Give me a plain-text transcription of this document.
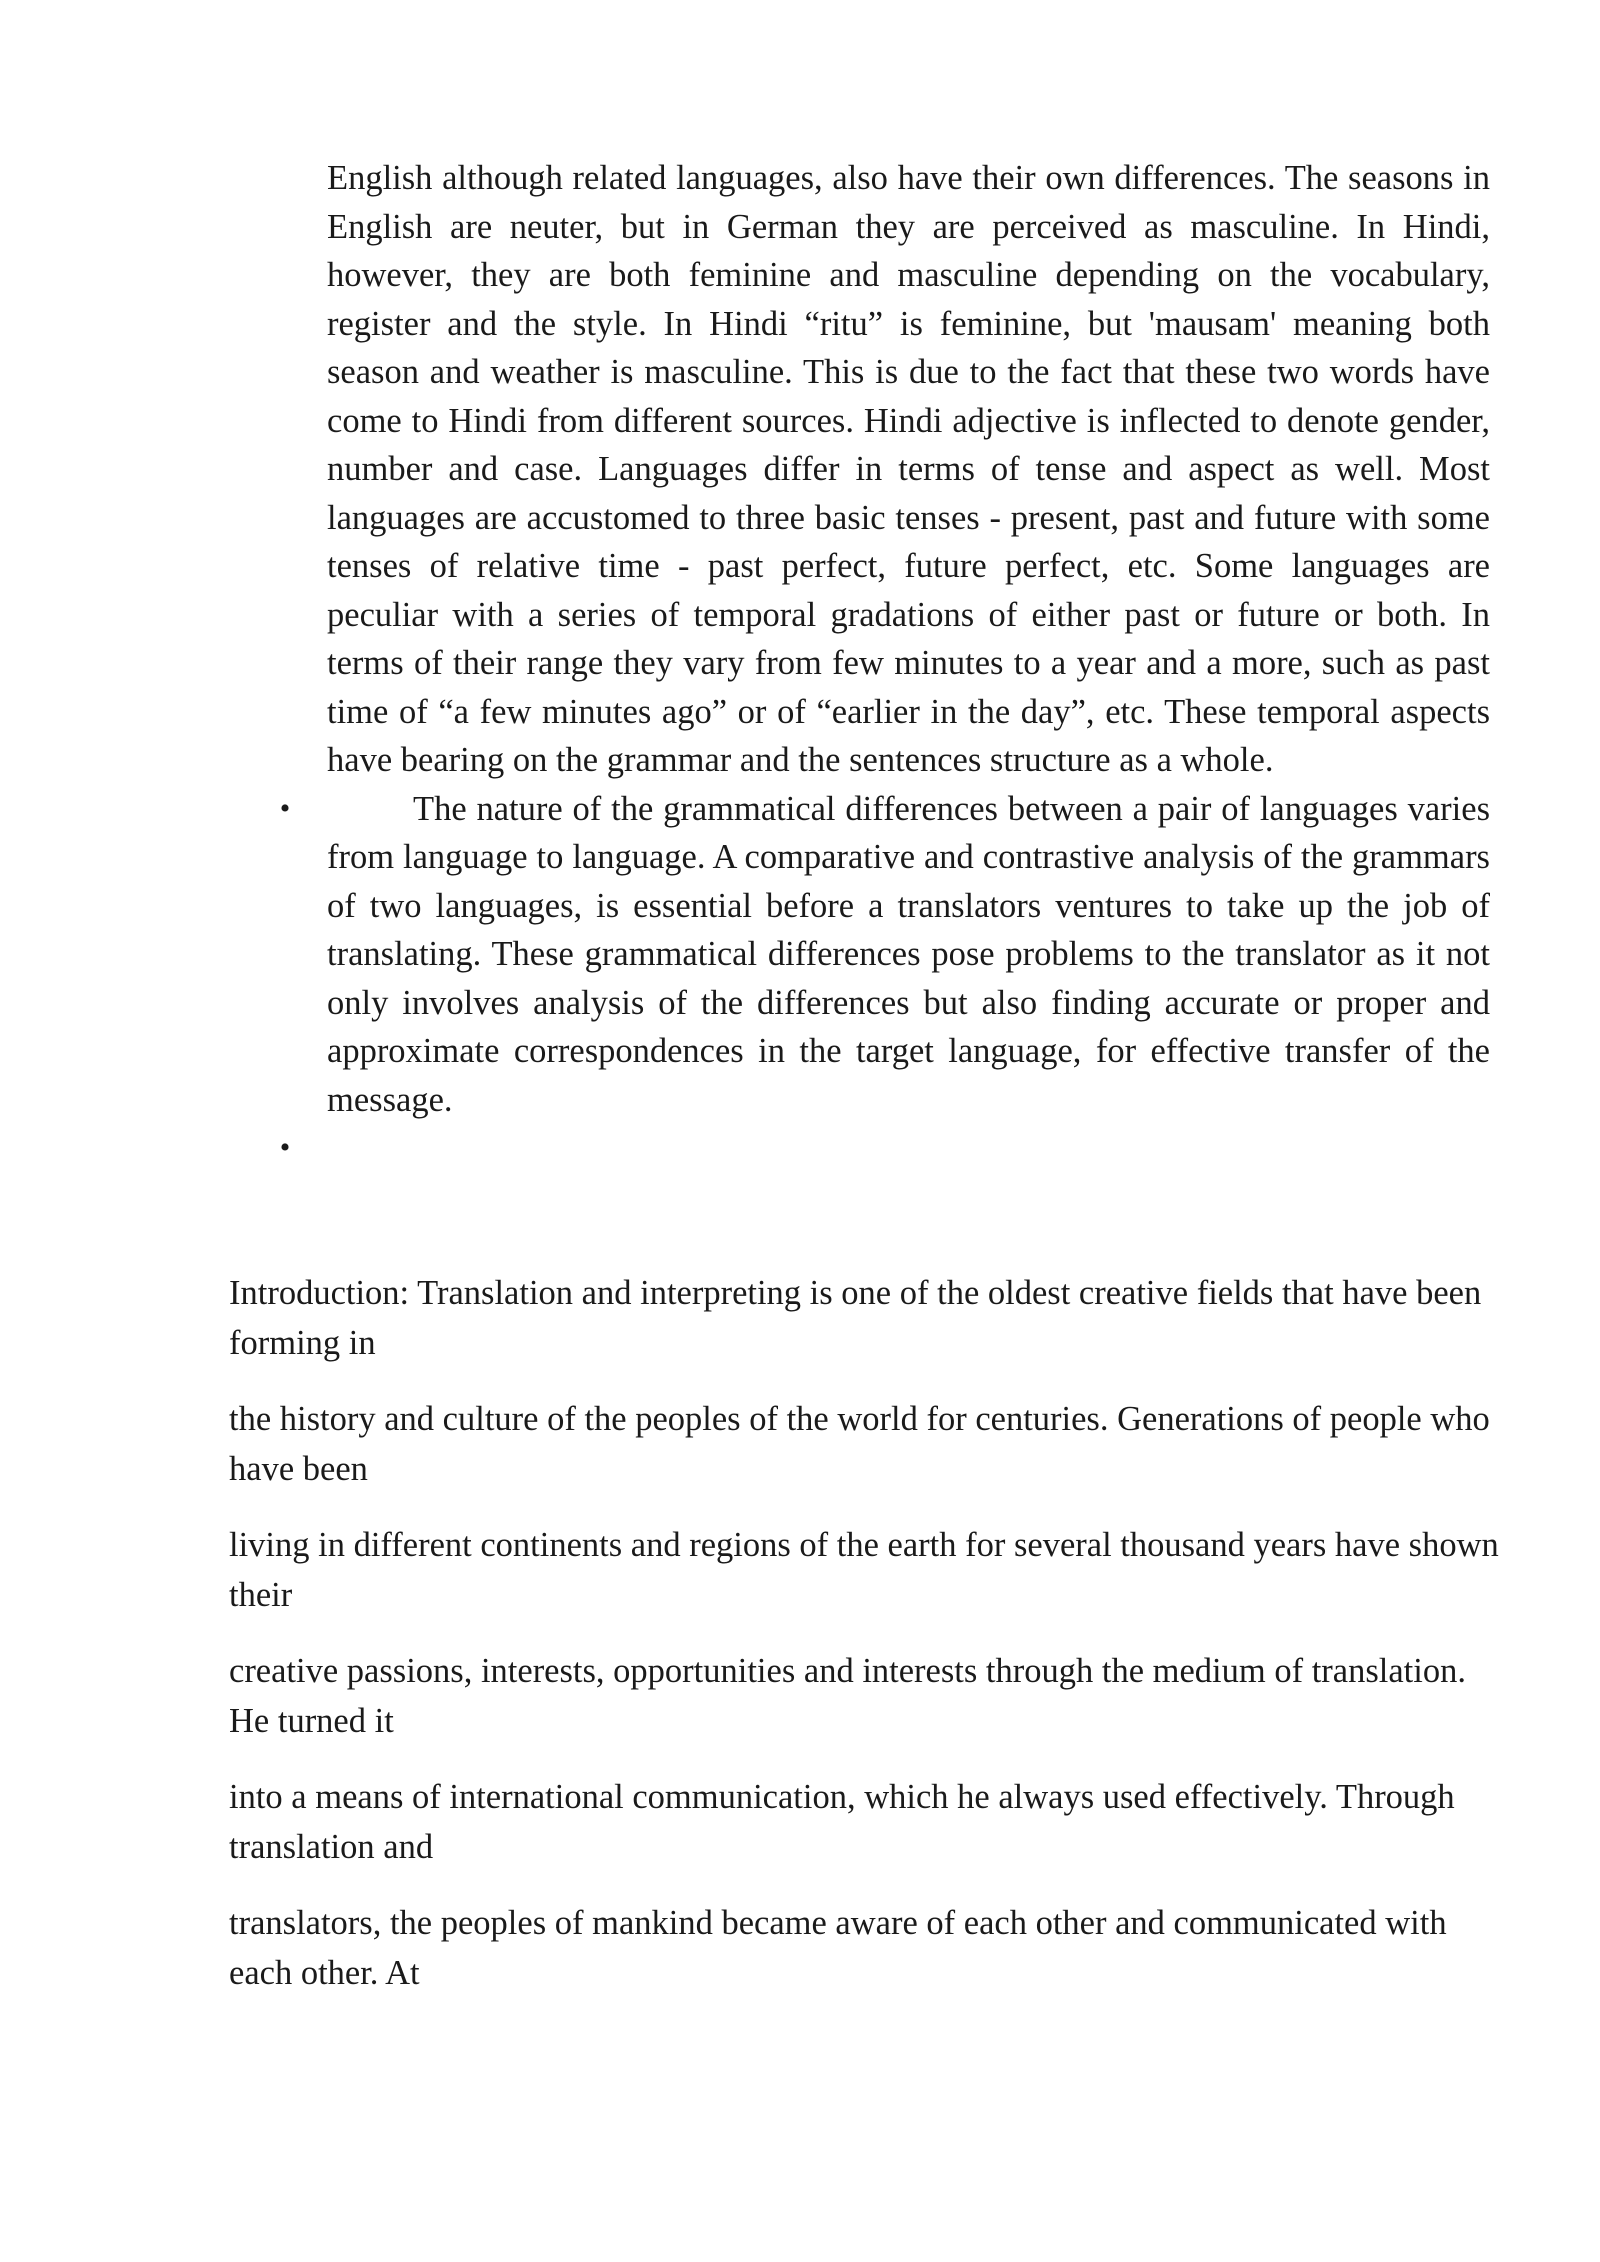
English although related languages, also have their own differences. The seasons in English are neuter, but in German they are perceived as masculine. In Hindi, however, they are both feminine and masculine depending on the vocabulary, register and the style. In Hindi “ritu” is feminine, but 'mausam' meaning both season and weather is masculine. This is due to the fact that these two words have come to Hindi from different sources. Hindi adjective is inflected to denote gender, number and case. Languages differ in terms of tense and aspect as well. Most languages are accustomed to three basic tenses - present, past and future with some tenses of relative time - past perfect, future perfect, etc. Some languages are peculiar with a series of temporal gradations of either past or future or both. In terms of their range they vary from few minutes to a year and a more, such as past time of “a few minutes ago” or of “earlier in the day”, etc. These temporal aspects have bearing on the grammar and the sentences structure as a whole.
•	The nature of the grammatical differences between a pair of languages varies from language to language. A comparative and contrastive analysis of the grammars of two languages, is essential before a translators ventures to take up the job of translating. These grammatical differences pose problems to the translator as it not only involves analysis of the differences but also finding accurate or proper and approximate correspondences in the target language, for effective transfer of the message.
•

Introduction: Translation and interpreting is one of the oldest creative fields that have been forming in

the history and culture of the peoples of the world for centuries. Generations of people who have been

living in different continents and regions of the earth for several thousand years have shown their

creative passions, interests, opportunities and interests through the medium of translation. He turned it

into a means of international communication, which he always used effectively. Through translation and

translators, the peoples of mankind became aware of each other and communicated with each other. At
